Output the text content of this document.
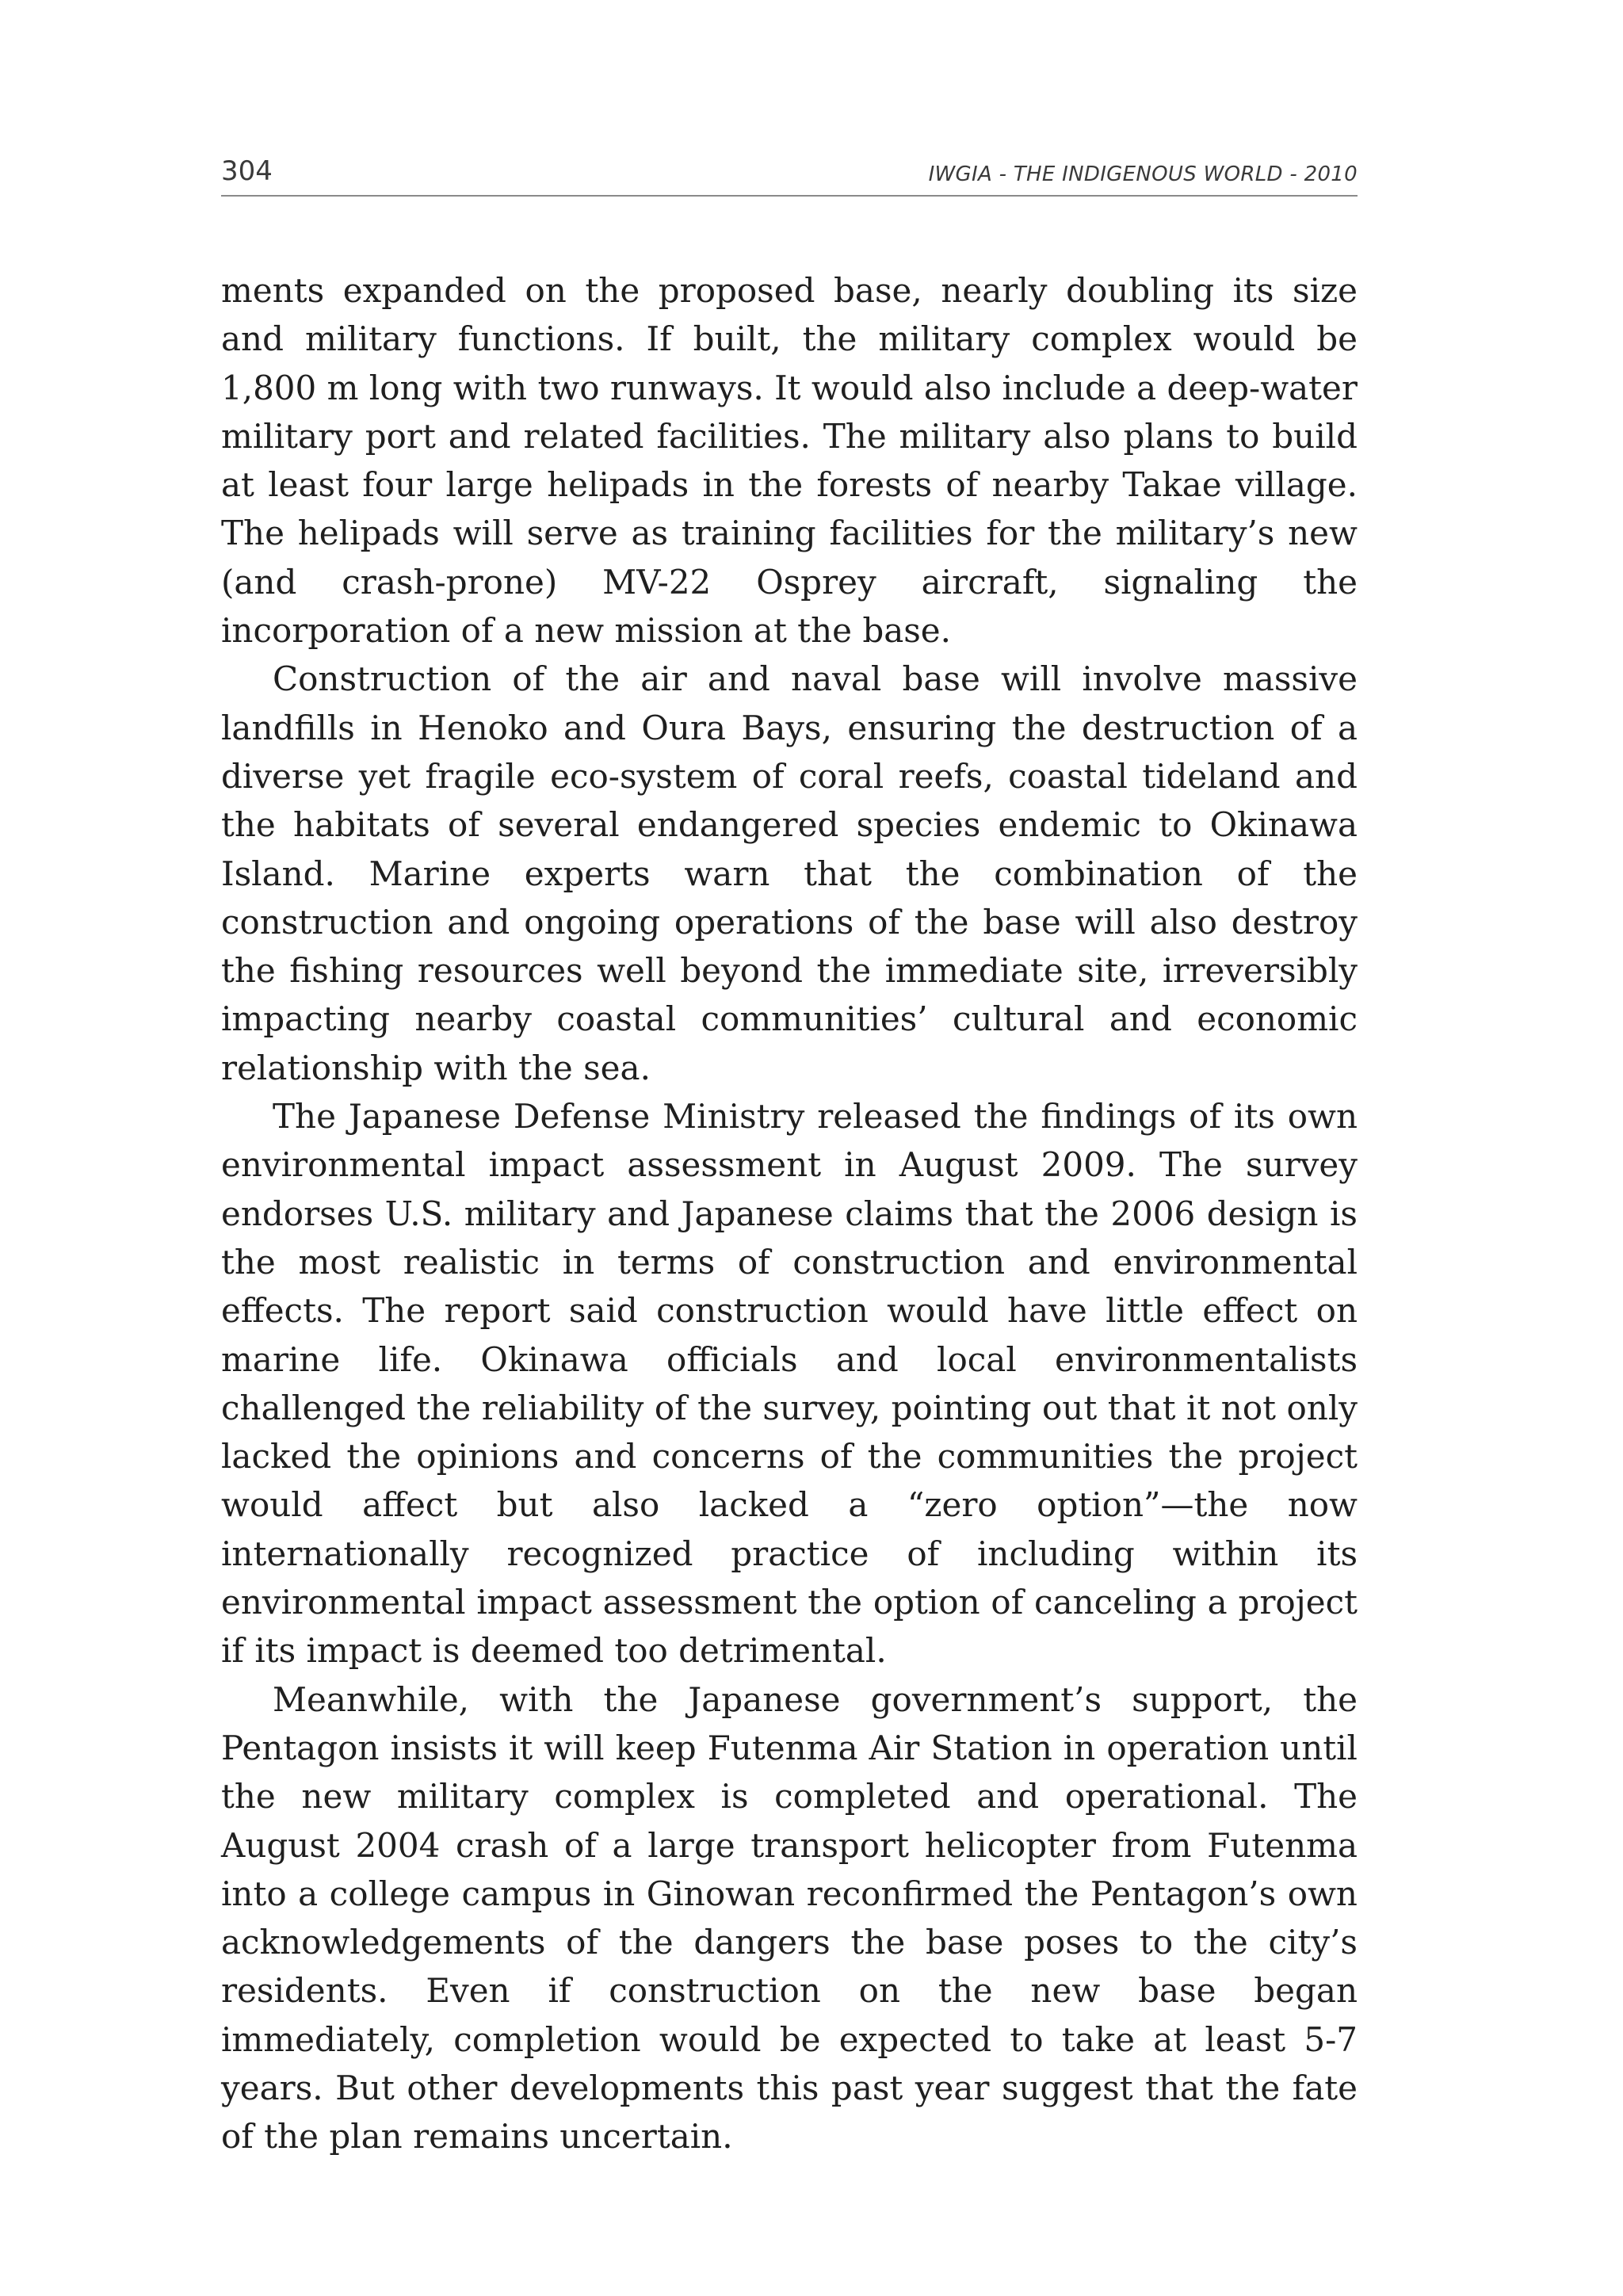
304	IWGIA - THE INDIGENOUS WORLD - 2010

ments expanded on the proposed base, nearly doubling its size and military functions. If built, the military complex would be 1,800 m long with two runways. It would also include a deep-water military port and related facilities. The military also plans to build at least four large helipads in the forests of nearby Takae village. The helipads will serve as training facilities for the military’s new (and crash-prone) MV-22 Osprey aircraft, signaling the incorporation of a new mission at the base.

Construction of the air and naval base will involve massive landfills in Henoko and Oura Bays, ensuring the destruction of a diverse yet fragile eco-system of coral reefs, coastal tideland and the habitats of several endangered species endemic to Okinawa Island. Marine experts warn that the combination of the construction and ongoing operations of the base will also destroy the fishing resources well beyond the immediate site, irreversibly impacting nearby coastal communities’ cultural and economic relationship with the sea.

The Japanese Defense Ministry released the findings of its own environmental impact assessment in August 2009. The survey endorses U.S. military and Japanese claims that the 2006 design is the most realistic in terms of construction and environmental effects. The report said construction would have little effect on marine life. Okinawa officials and local environmentalists challenged the reliability of the survey, pointing out that it not only lacked the opinions and concerns of the communities the project would affect but also lacked a “zero option”—the now internationally recognized practice of including within its environmental impact assessment the option of canceling a project if its impact is deemed too detrimental.

Meanwhile, with the Japanese government’s support, the Pentagon insists it will keep Futenma Air Station in operation until the new military complex is completed and operational. The August 2004 crash of a large transport helicopter from Futenma into a college campus in Ginowan reconfirmed the Pentagon’s own acknowledgements of the dangers the base poses to the city’s residents. Even if construction on the new base began immediately, completion would be expected to take at least 5-7 years. But other developments this past year suggest that the fate of the plan remains uncertain.
